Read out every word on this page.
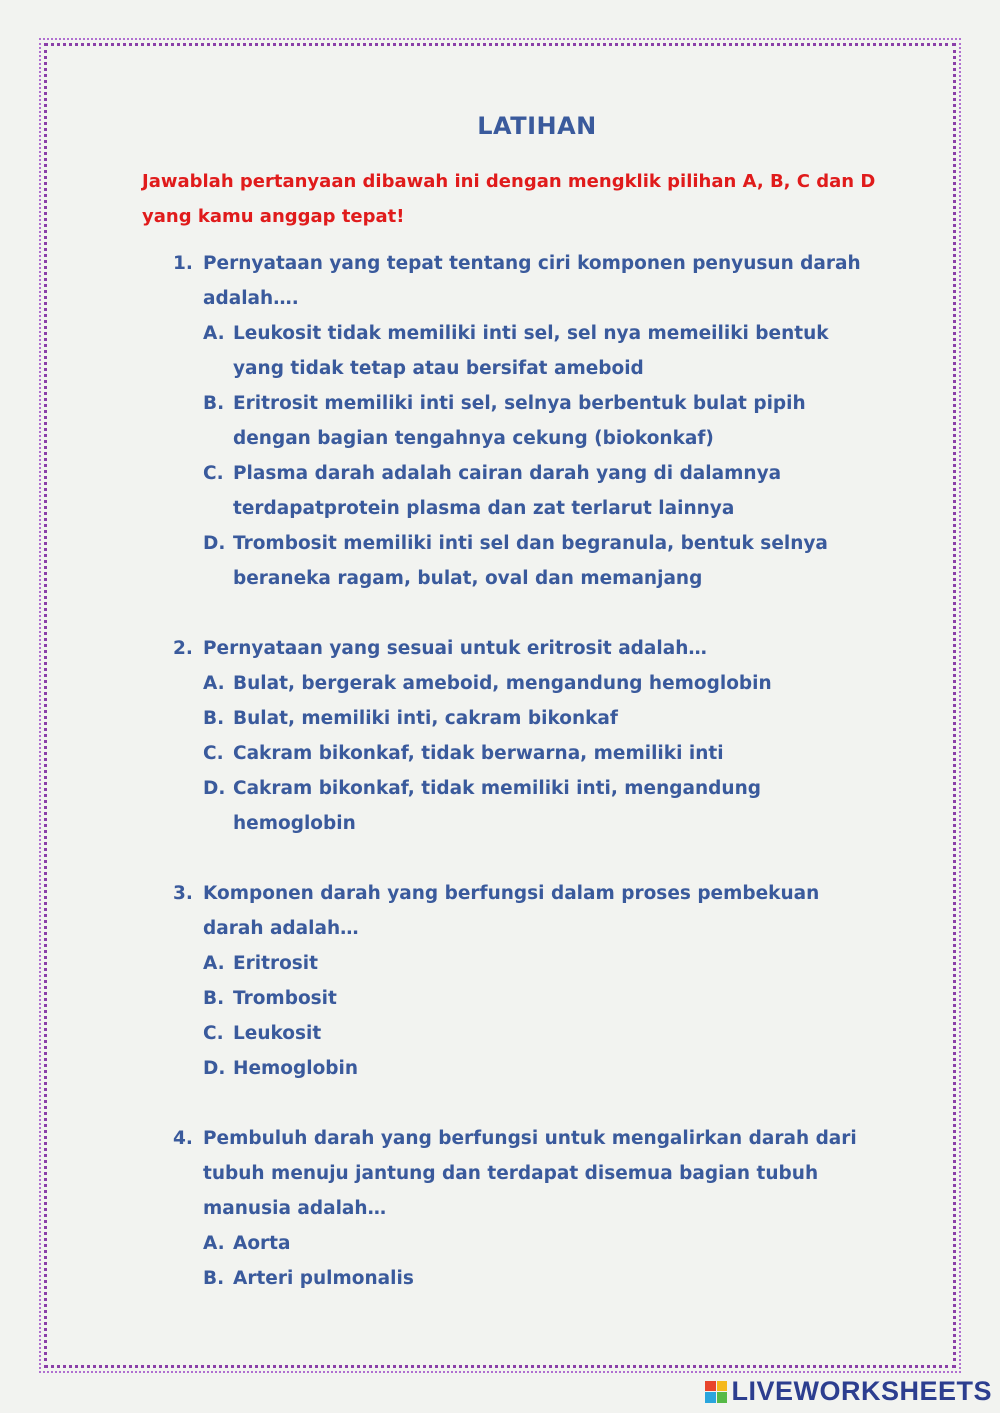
LATIHAN
Jawablah pertanyaan dibawah ini dengan mengklik pilihan A, B, C dan D yang kamu anggap tepat!
1. Pernyataan yang tepat tentang ciri komponen penyusun darah adalah….
A. Leukosit tidak memiliki inti sel, sel nya memeiliki bentuk yang tidak tetap atau bersifat ameboid
B. Eritrosit memiliki inti sel, selnya berbentuk bulat pipih dengan bagian tengahnya cekung (biokonkaf)
C. Plasma darah adalah cairan darah yang di dalamnya terdapatprotein plasma dan zat terlarut lainnya
D. Trombosit memiliki inti sel dan begranula, bentuk selnya beraneka ragam, bulat, oval dan memanjang
2. Pernyataan yang sesuai untuk eritrosit adalah…
A. Bulat, bergerak ameboid, mengandung hemoglobin
B. Bulat, memiliki inti, cakram bikonkaf
C. Cakram bikonkaf, tidak berwarna, memiliki inti
D. Cakram bikonkaf, tidak memiliki inti, mengandung hemoglobin
3. Komponen darah yang berfungsi dalam proses pembekuan darah adalah…
A. Eritrosit
B. Trombosit
C. Leukosit
D. Hemoglobin
4. Pembuluh darah yang berfungsi untuk mengalirkan darah dari tubuh menuju jantung dan terdapat disemua bagian tubuh manusia adalah…
A. Aorta
B. Arteri pulmonalis
LIVEWORKSHEETS
